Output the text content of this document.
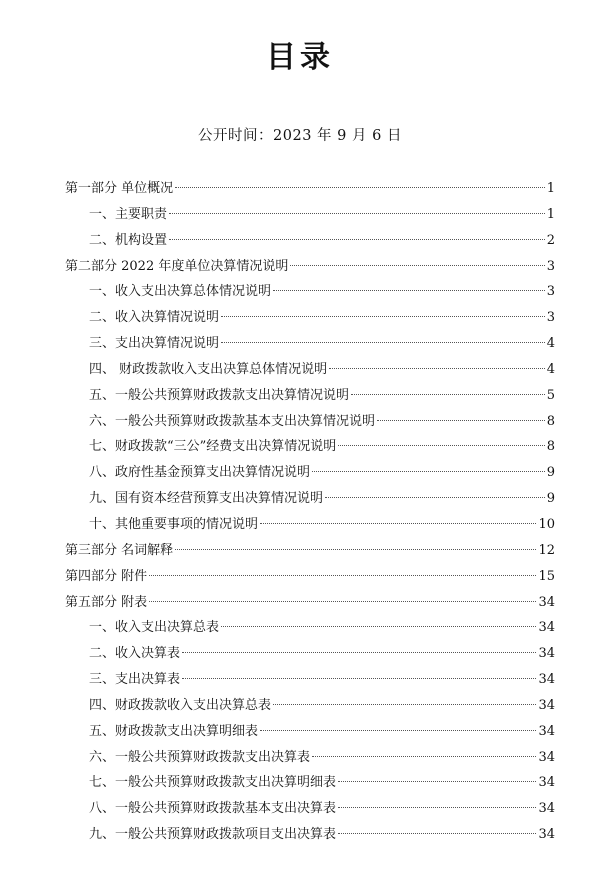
目录
公开时间：2023 年 9 月 6 日
第一部分 单位概况	1
一、主要职责	1
二、机构设置	2
第二部分 2022 年度单位决算情况说明	3
一、收入支出决算总体情况说明	3
二、收入决算情况说明	3
三、支出决算情况说明	4
四、 财政拨款收入支出决算总体情况说明	4
五、一般公共预算财政拨款支出决算情况说明	5
六、一般公共预算财政拨款基本支出决算情况说明	8
七、财政拨款“三公”经费支出决算情况说明	8
八、政府性基金预算支出决算情况说明	9
九、国有资本经营预算支出决算情况说明	9
十、其他重要事项的情况说明	10
第三部分 名词解释	12
第四部分 附件	15
第五部分 附表	34
一、收入支出决算总表	34
二、收入决算表	34
三、支出决算表	34
四、财政拨款收入支出决算总表	34
五、财政拨款支出决算明细表	34
六、一般公共预算财政拨款支出决算表	34
七、一般公共预算财政拨款支出决算明细表	34
八、一般公共预算财政拨款基本支出决算表	34
九、一般公共预算财政拨款项目支出决算表	34
